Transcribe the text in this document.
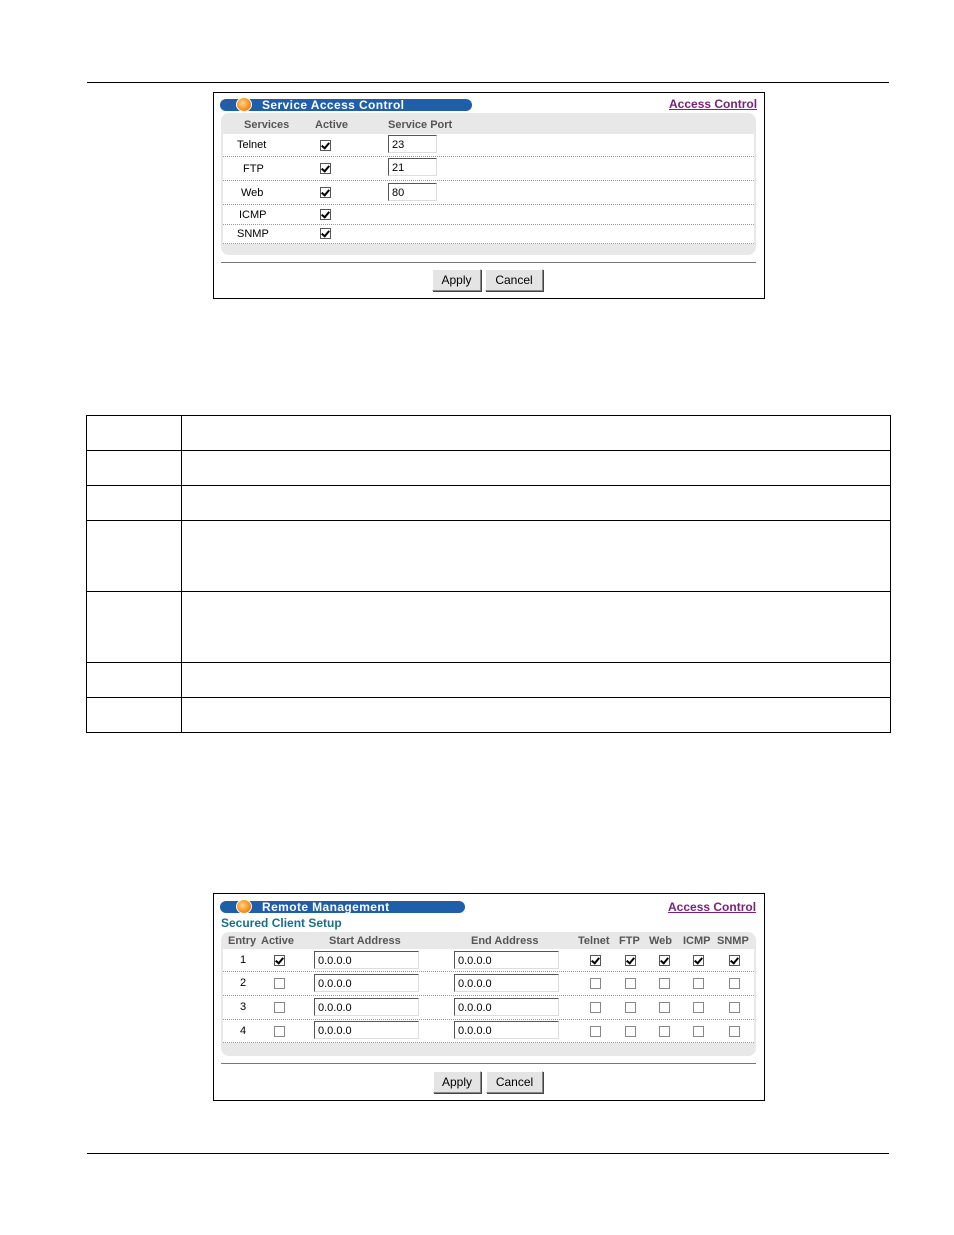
Service Access Control	Access Control
Services Active	Service Port
Telnet	23
FTP	21
Web	80
ICMP
SNMP
Apply	Cancel

Remote Management	Access Control
Secured Client Setup
Entry Active	Start Address	End Address	Telnet FTP Web ICMP SNMP
1	0.0.0.0	0.0.0.0
2	0.0.0.0	0.0.0.0
3	0.0.0.0	0.0.0.0
4	0.0.0.0	0.0.0.0
Apply	Cancel
